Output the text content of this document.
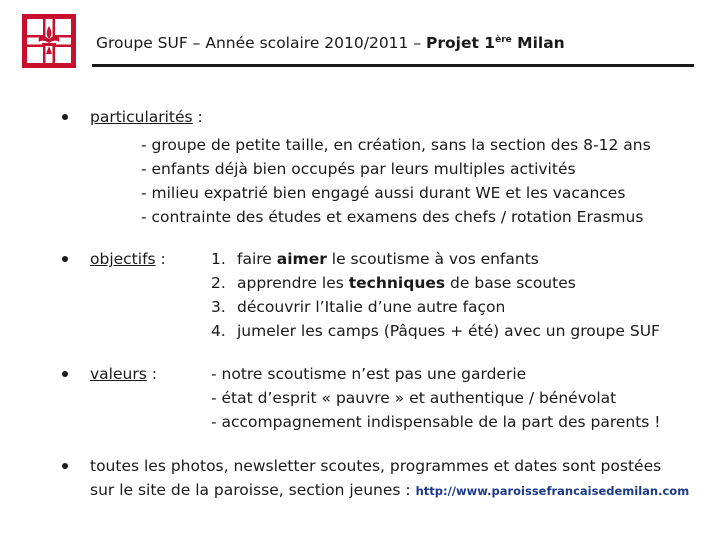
Groupe SUF – Année scolaire 2010/2011 – Projet 1ère Milan
particularités :
- groupe de petite taille, en création, sans la section des 8-12 ans
- enfants déjà bien occupés par leurs multiples activités
- milieu expatrié bien engagé aussi durant WE et les vacances
- contrainte des études et examens des chefs / rotation Erasmus
objectifs :	1. faire aimer le scoutisme à vos enfants
2. apprendre les techniques de base scoutes
3. découvrir l’Italie d’une autre façon
4. jumeler les camps (Pâques + été) avec un groupe SUF
valeurs :	- notre scoutisme n’est pas une garderie
- état d’esprit « pauvre » et authentique / bénévolat
- accompagnement indispensable de la part des parents !
toutes les photos, newsletter scoutes, programmes et dates sont postées
sur le site de la paroisse, section jeunes : http://www.paroissefrancaisedemilan.com
